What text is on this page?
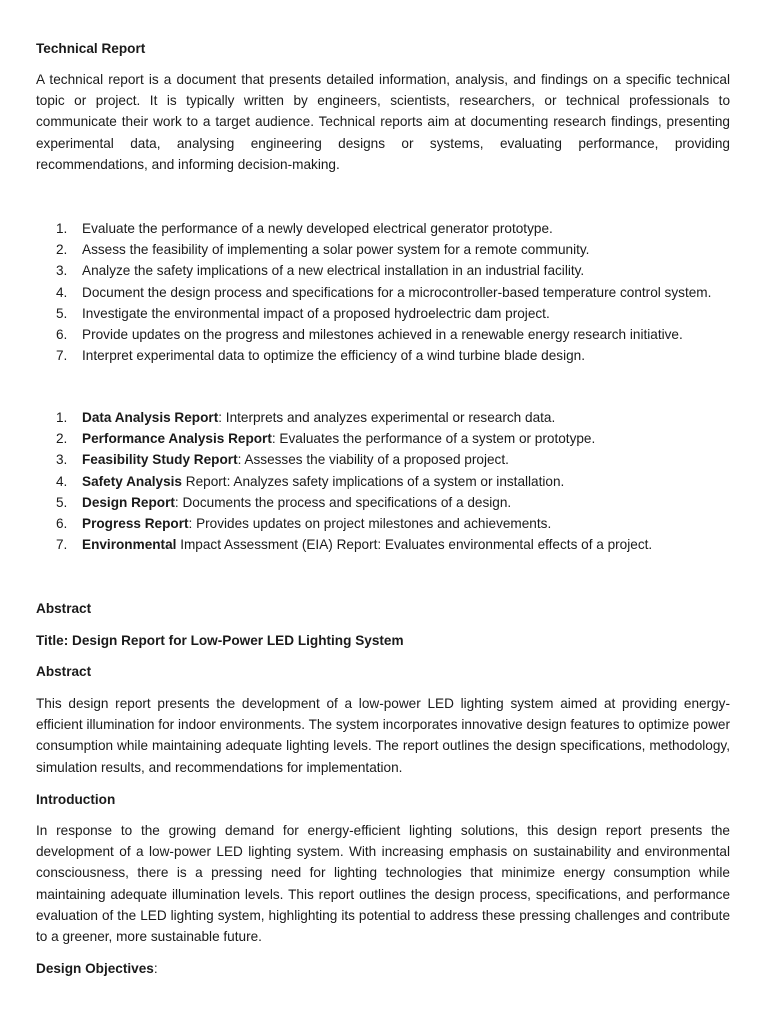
Technical Report

A technical report is a document that presents detailed information, analysis, and findings on a specific technical topic or project. It is typically written by engineers, scientists, researchers, or technical professionals to communicate their work to a target audience. Technical reports aim at documenting research findings, presenting experimental data, analysing engineering designs or systems, evaluating performance, providing recommendations, and informing decision-making.

1. Evaluate the performance of a newly developed electrical generator prototype.
2. Assess the feasibility of implementing a solar power system for a remote community.
3. Analyze the safety implications of a new electrical installation in an industrial facility.
4. Document the design process and specifications for a microcontroller-based temperature control system.
5. Investigate the environmental impact of a proposed hydroelectric dam project.
6. Provide updates on the progress and milestones achieved in a renewable energy research initiative.
7. Interpret experimental data to optimize the efficiency of a wind turbine blade design.
1. Data Analysis Report: Interprets and analyzes experimental or research data.
2. Performance Analysis Report: Evaluates the performance of a system or prototype.
3. Feasibility Study Report: Assesses the viability of a proposed project.
4. Safety Analysis Report: Analyzes safety implications of a system or installation.
5. Design Report: Documents the process and specifications of a design.
6. Progress Report: Provides updates on project milestones and achievements.
7. Environmental Impact Assessment (EIA) Report: Evaluates environmental effects of a project.
Abstract
Title: Design Report for Low-Power LED Lighting System
Abstract

This design report presents the development of a low-power LED lighting system aimed at providing energy-efficient illumination for indoor environments. The system incorporates innovative design features to optimize power consumption while maintaining adequate lighting levels. The report outlines the design specifications, methodology, simulation results, and recommendations for implementation.

Introduction

In response to the growing demand for energy-efficient lighting solutions, this design report presents the development of a low-power LED lighting system. With increasing emphasis on sustainability and environmental consciousness, there is a pressing need for lighting technologies that minimize energy consumption while maintaining adequate illumination levels. This report outlines the design process, specifications, and performance evaluation of the LED lighting system, highlighting its potential to address these pressing challenges and contribute to a greener, more sustainable future.

Design Objectives:
